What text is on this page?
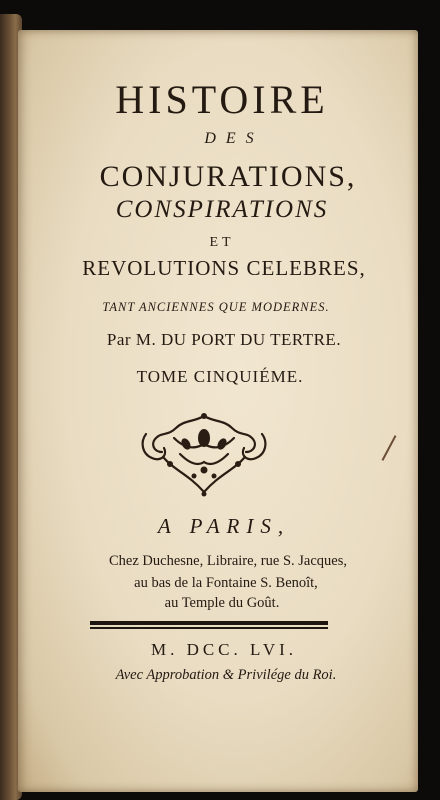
HISTOIRE
DES
CONJURATIONS,
CONSPIRATIONS
ET
REVOLUTIONS CELEBRES,
TANT ANCIENNES QUE MODERNES.
Par M. DU PORT DU TERTRE.
TOME CINQUIÉME.
A PARIS,
Chez Duchesne, Libraire, rue S. Jacques,
au bas de la Fontaine S. Benoît,
au Temple du Goût.
M. DCC. LVI.
Avec Approbation & Privilége du Roi.
